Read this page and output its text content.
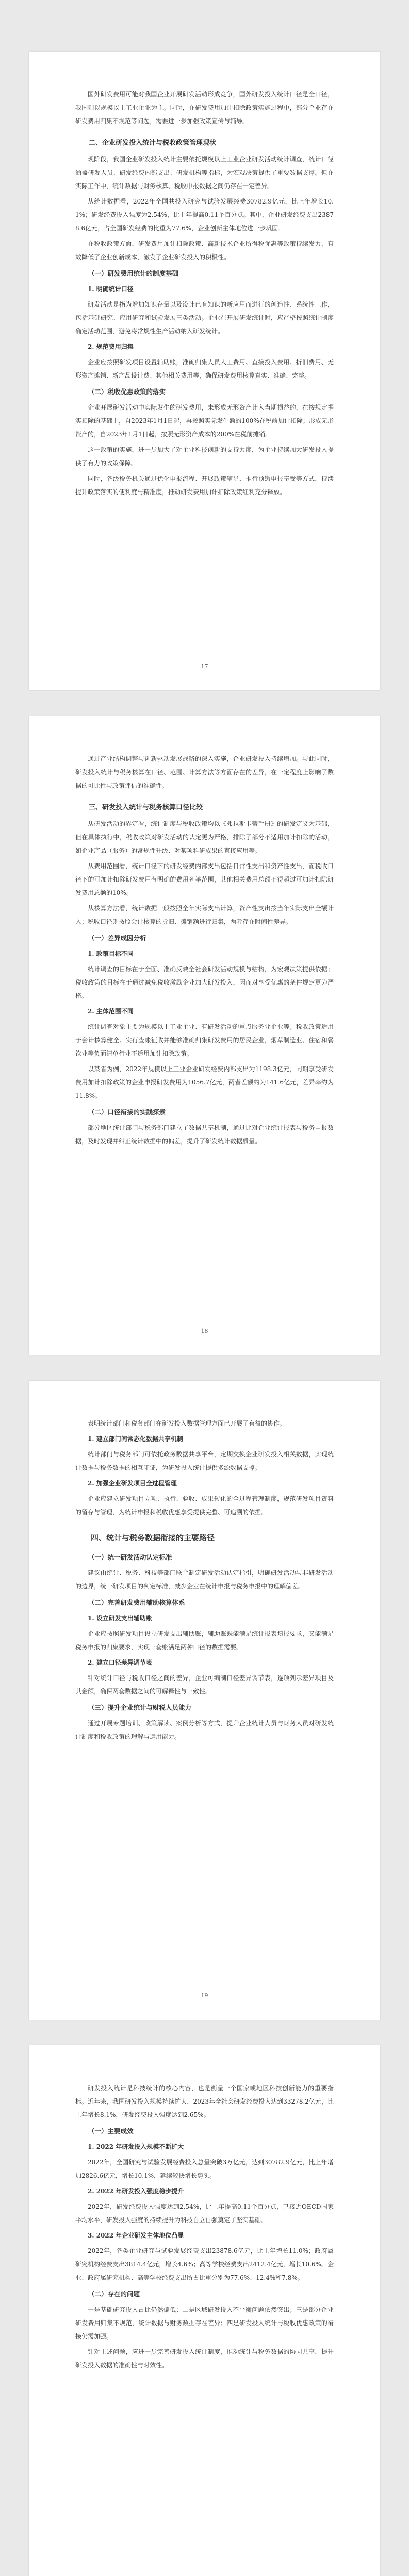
国外研发费用可能对我国企业开展研发活动形成竞争，国外研发投入统计口径是全口径，我国则以规模以上工业企业为主。同时，在研发费用加计扣除政策实施过程中，部分企业存在研发费用归集不规范等问题，需要进一步加强政策宣传与辅导。

二、企业研发投入统计与税收政策管理现状

现阶段，我国企业研发投入统计主要依托规模以上工业企业研发活动统计调查，统计口径涵盖研发人员、研发经费内部支出、研发机构等指标，为宏观决策提供了重要数据支撑。但在实际工作中，统计数据与财务核算、税收申报数据之间仍存在一定差异。

从统计数据看，2022年全国共投入研究与试验发展经费30782.9亿元，比上年增长10.1%；研发经费投入强度为2.54%，比上年提高0.11个百分点。其中，企业研发经费支出23878.6亿元，占全国研发经费的比重为77.6%，企业创新主体地位进一步巩固。

在税收政策方面，研发费用加计扣除政策、高新技术企业所得税优惠等政策持续发力，有效降低了企业创新成本，激发了企业研发投入的积极性。

（一）研发费用统计的制度基础

1. 明确统计口径

研发活动是指为增加知识存量以及设计已有知识的新应用而进行的创造性、系统性工作，包括基础研究、应用研究和试验发展三类活动。企业在开展研发统计时，应严格按照统计制度确定活动范围，避免将常规性生产活动纳入研发统计。

2. 规范费用归集

企业应按照研发项目设置辅助账，准确归集人员人工费用、直接投入费用、折旧费用、无形资产摊销、新产品设计费、其他相关费用等，确保研发费用核算真实、准确、完整。

（二）税收优惠政策的落实

企业开展研发活动中实际发生的研发费用，未形成无形资产计入当期损益的，在按规定据实扣除的基础上，自2023年1月1日起，再按照实际发生额的100%在税前加计扣除；形成无形资产的，自2023年1月1日起，按照无形资产成本的200%在税前摊销。

这一政策的实施，进一步加大了对企业科技创新的支持力度，为企业持续加大研发投入提供了有力的政策保障。

同时，各级税务机关通过优化申报流程、开展政策辅导、推行预缴申报享受等方式，持续提升政策落实的便利度与精准度，推动研发费用加计扣除政策红利充分释放。

17

通过产业结构调整与创新驱动发展战略的深入实施，企业研发投入持续增加。与此同时，研发投入统计与税务核算在口径、范围、计算方法等方面存在的差异，在一定程度上影响了数据的可比性与政策评估的准确性。

三、研发投入统计与税务核算口径比较

从研发活动的界定看，统计制度与税收政策均以《弗拉斯卡蒂手册》的研发定义为基础，但在具体执行中，税收政策对研发活动的认定更为严格，排除了部分不适用加计扣除的活动，如企业产品（服务）的常规性升级、对某项科研成果的直接应用等。

从费用范围看，统计口径下的研发经费内部支出包括日常性支出和资产性支出，而税收口径下的可加计扣除研发费用有明确的费用列举范围，其他相关费用总额不得超过可加计扣除研发费用总额的10%。

从核算方法看，统计数据一般按照全年实际支出计算，资产性支出按当年实际支出全额计入；税收口径则按照会计核算的折旧、摊销额进行归集，两者存在时间性差异。

（一）差异成因分析

1. 政策目标不同

统计调查的目标在于全面、准确反映全社会研发活动规模与结构，为宏观决策提供依据；税收政策的目标在于通过减免税收激励企业加大研发投入，因而对享受优惠的条件规定更为严格。

2. 主体范围不同

统计调查对象主要为规模以上工业企业、有研发活动的重点服务业企业等；税收政策适用于会计核算健全、实行查账征收并能够准确归集研发费用的居民企业，烟草制造业、住宿和餐饮业等负面清单行业不适用加计扣除政策。

以某省为例，2022年规模以上工业企业研发经费内部支出为1198.3亿元，同期享受研发费用加计扣除政策的企业申报研发费用为1056.7亿元，两者差额约为141.6亿元，差异率约为11.8%。

（二）口径衔接的实践探索

部分地区统计部门与税务部门建立了数据共享机制，通过比对企业统计报表与税务申报数据，及时发现并纠正统计数据中的偏差，提升了研发统计数据质量。

18

表明统计部门和税务部门在研发投入数据管理方面已开展了有益的协作。

1. 建立部门间常态化数据共享机制

统计部门与税务部门可依托政务数据共享平台，定期交换企业研发投入相关数据，实现统计数据与税务数据的相互印证，为研发投入统计提供多源数据支撑。

2. 加强企业研发项目全过程管理

企业应建立研发项目立项、执行、验收、成果转化的全过程管理制度，规范研发项目资料的留存与管理，为统计申报和税收优惠享受提供完整、可追溯的依据。

四、统计与税务数据衔接的主要路径

（一）统一研发活动认定标准

建议由统计、税务、科技等部门联合制定研发活动认定指引，明确研发活动与非研发活动的边界，统一研发项目的判定标准，减少企业在统计申报与税务申报中的理解偏差。

（二）完善研发费用辅助核算体系

1. 设立研发支出辅助账

企业应按照研发项目设立研发支出辅助账，辅助账既能满足统计报表填报要求，又能满足税务申报的归集要求，实现一套账满足两种口径的数据需要。

2. 建立口径差异调节表

针对统计口径与税收口径之间的差异，企业可编制口径差异调节表，逐项列示差异项目及其金额，确保两套数据之间的可解释性与一致性。

（三）提升企业统计与财税人员能力

通过开展专题培训、政策解读、案例分析等方式，提升企业统计人员与财务人员对研发统计制度和税收政策的理解与运用能力。

19

研发投入统计是科技统计的核心内容，也是衡量一个国家或地区科技创新能力的重要指标。近年来，我国研发投入规模持续扩大，2023年全社会研发经费投入达到33278.2亿元，比上年增长8.1%，研发经费投入强度达到2.65%。

（一）主要成效

1. 2022 年研发投入规模不断扩大

2022年，全国研究与试验发展经费投入总量突破3万亿元，达到30782.9亿元，比上年增加2826.6亿元，增长10.1%，延续较快增长势头。

2. 2022 年研发投入强度稳步提升

2022年，研发经费投入强度达到2.54%，比上年提高0.11个百分点，已接近OECD国家平均水平，研发投入强度的持续提升为科技自立自强奠定了坚实基础。

3. 2022 年企业研发主体地位凸显

2022年，各类企业研究与试验发展经费支出23878.6亿元，比上年增长11.0%；政府属研究机构经费支出3814.4亿元，增长4.6%；高等学校经费支出2412.4亿元，增长10.6%。企业、政府属研究机构、高等学校经费支出所占比重分别为77.6%、12.4%和7.8%。

（二）存在的问题

一是基础研究投入占比仍然偏低；二是区域研发投入不平衡问题依然突出；三是部分企业研发费用归集不规范，统计数据与财务数据存在差异；四是研发投入统计与税收优惠政策的衔接仍需加强。

针对上述问题，应进一步完善研发投入统计制度，推动统计与税务数据的协同共享，提升研发投入数据的准确性与时效性。
